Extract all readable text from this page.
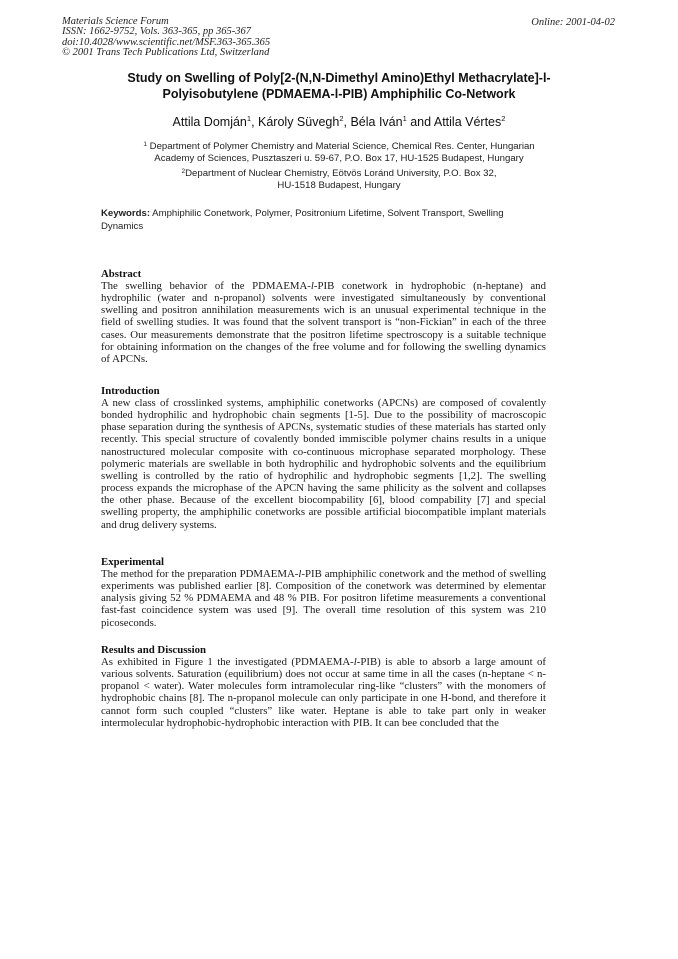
Materials Science Forum
ISSN: 1662-9752, Vols. 363-365, pp 365-367
doi:10.4028/www.scientific.net/MSF.363-365.365
© 2001 Trans Tech Publications Ltd, Switzerland
Online: 2001-04-02
Study on Swelling of Poly[2-(N,N-Dimethyl Amino)Ethyl Methacrylate]-l-
Polyisobutylene (PDMAEMA-l-PIB) Amphiphilic Co-Network
Attila Domján$^1$, Károly Süvegh$^2$, Béla Iván$^1$ and Attila Vértes$^2$
$^1$ Department of Polymer Chemistry and Material Science, Chemical Res. Center, Hungarian
Academy of Sciences, Pusztaszeri u. 59-67, P.O. Box 17, HU-1525 Budapest, Hungary
$^2$Department of Nuclear Chemistry, Eötvös Loránd University, P.O. Box 32,
HU-1518 Budapest, Hungary
Keywords: Amphiphilic Conetwork, Polymer, Positronium Lifetime, Solvent Transport, Swelling Dynamics

Abstract

The swelling behavior of the PDMAEMA-l-PIB conetwork in hydrophobic (n-heptane) and hydrophilic (water and n-propanol) solvents were investigated simultaneously by conventional swelling and positron annihilation measurements wich is an unusual experimental technique in the field of swelling studies. It was found that the solvent transport is “non-Fickian” in each of the three cases. Our measurements demonstrate that the positron lifetime spectroscopy is a suitable technique for obtaining information on the changes of the free volume and for following the swelling dynamics of APCNs.

Introduction

A new class of crosslinked systems, amphiphilic conetworks (APCNs) are composed of covalently bonded hydrophilic and hydrophobic chain segments [1-5]. Due to the possibility of macroscopic phase separation during the synthesis of APCNs, systematic studies of these materials has started only recently. This special structure of covalently bonded immiscible polymer chains results in a unique nanostructured molecular composite with co-continuous microphase separated morphology. These polymeric materials are swellable in both hydrophilic and hydrophobic solvents and the equilibrium swelling is controlled by the ratio of hydrophilic and hydrophobic segments [1,2]. The swelling process expands the microphase of the APCN having the same philicity as the solvent and collapses the other phase. Because of the excellent biocompability [6], blood compability [7] and special swelling property, the amphiphilic conetworks are possible artificial biocompatible implant materials and drug delivery systems.

Experimental

The method for the preparation PDMAEMA-l-PIB amphiphilic conetwork and the method of swelling experiments was published earlier [8]. Composition of the conetwork was determined by elementar analysis giving 52 % PDMAEMA and 48 % PIB. For positron lifetime measurements a conventional fast-fast coincidence system was used [9]. The overall time resolution of this system was 210 picoseconds.

Results and Discussion

As exhibited in Figure 1 the investigated (PDMAEMA-l-PIB) is able to absorb a large amount of various solvents. Saturation (equilibrium) does not occur at same time in all the cases (n-heptane < n-propanol < water). Water molecules form intramolecular ring-like “clusters” with the monomers of hydrophobic chains [8]. The n-propanol molecule can only participate in one H-bond, and therefore it cannot form such coupled “clusters” like water. Heptane is able to take part only in weaker intermolecular hydrophobic-hydrophobic interaction with PIB. It can bee concluded that the
